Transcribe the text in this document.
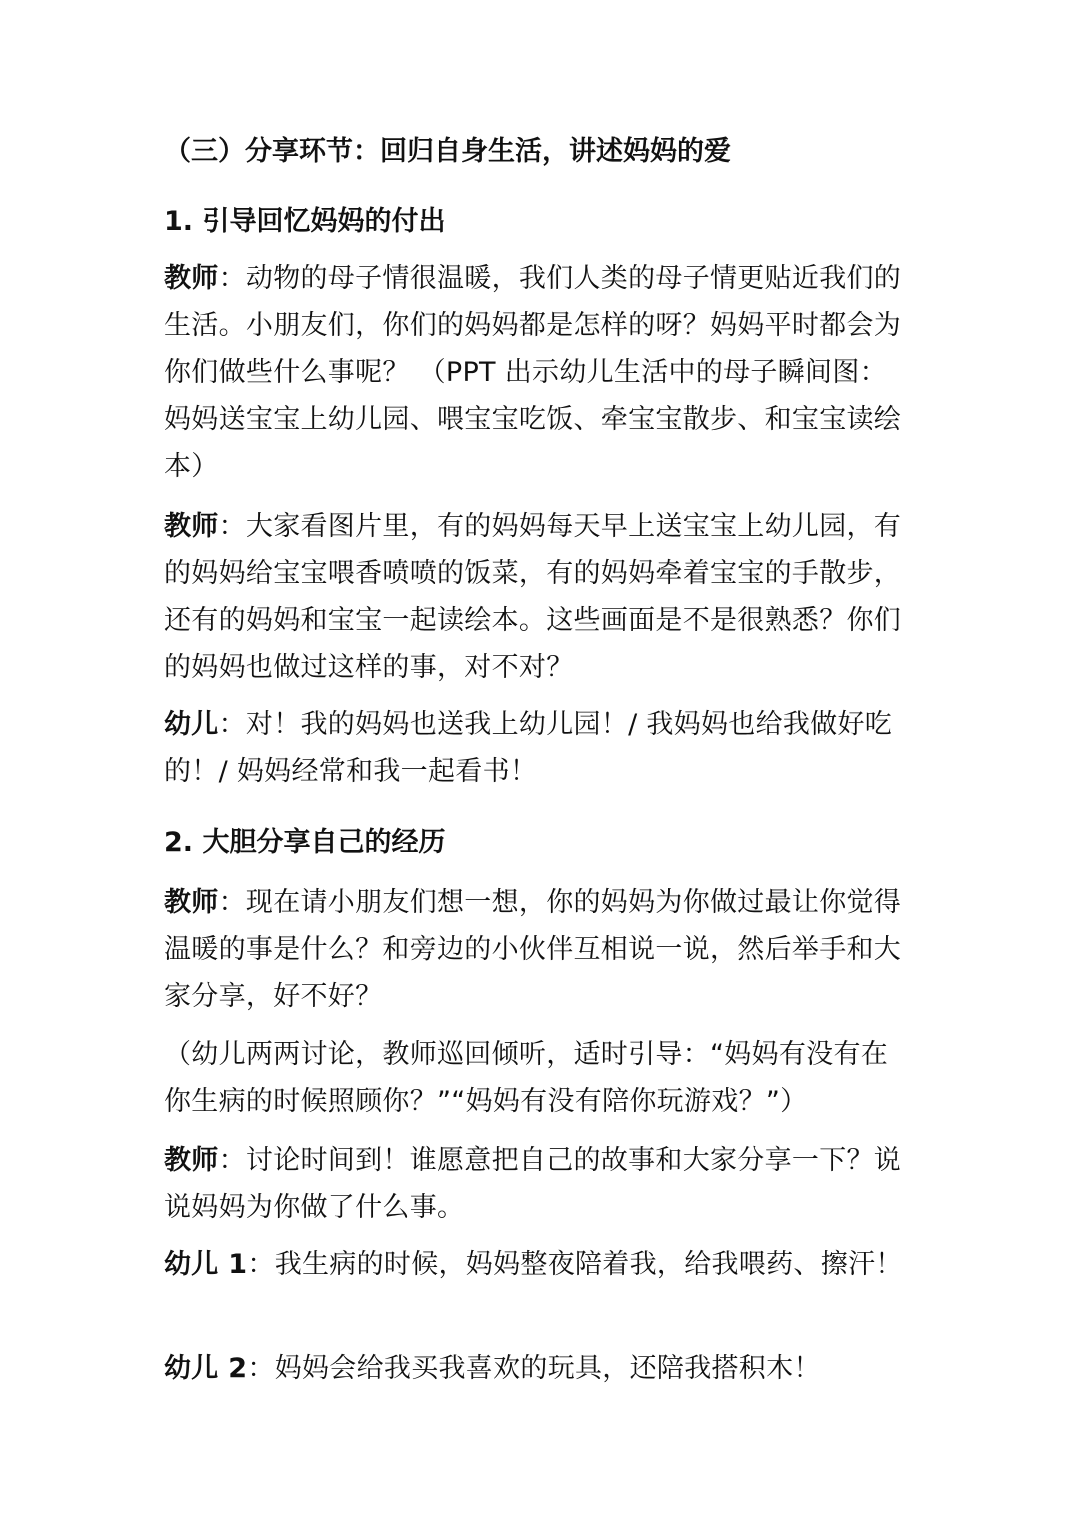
（三）分享环节：回归自身生活，讲述妈妈的爱
1. 引导回忆妈妈的付出
教师：动物的母子情很温暖，我们人类的母子情更贴近我们的生活。小朋友们，你们的妈妈都是怎样的呀？妈妈平时都会为你们做些什么事呢？ （PPT 出示幼儿生活中的母子瞬间图：妈妈送宝宝上幼儿园、喂宝宝吃饭、牵宝宝散步、和宝宝读绘本）
教师：大家看图片里，有的妈妈每天早上送宝宝上幼儿园，有的妈妈给宝宝喂香喷喷的饭菜，有的妈妈牵着宝宝的手散步，还有的妈妈和宝宝一起读绘本。这些画面是不是很熟悉？你们的妈妈也做过这样的事，对不对？
幼儿：对！我的妈妈也送我上幼儿园！/ 我妈妈也给我做好吃的！/ 妈妈经常和我一起看书！
2. 大胆分享自己的经历
教师：现在请小朋友们想一想，你的妈妈为你做过最让你觉得温暖的事是什么？和旁边的小伙伴互相说一说，然后举手和大家分享，好不好？
（幼儿两两讨论，教师巡回倾听，适时引导：“妈妈有没有在你生病的时候照顾你？”“妈妈有没有陪你玩游戏？”）
教师：讨论时间到！谁愿意把自己的故事和大家分享一下？说说妈妈为你做了什么事。
幼儿 1：我生病的时候，妈妈整夜陪着我，给我喂药、擦汗！
幼儿 2：妈妈会给我买我喜欢的玩具，还陪我搭积木！
